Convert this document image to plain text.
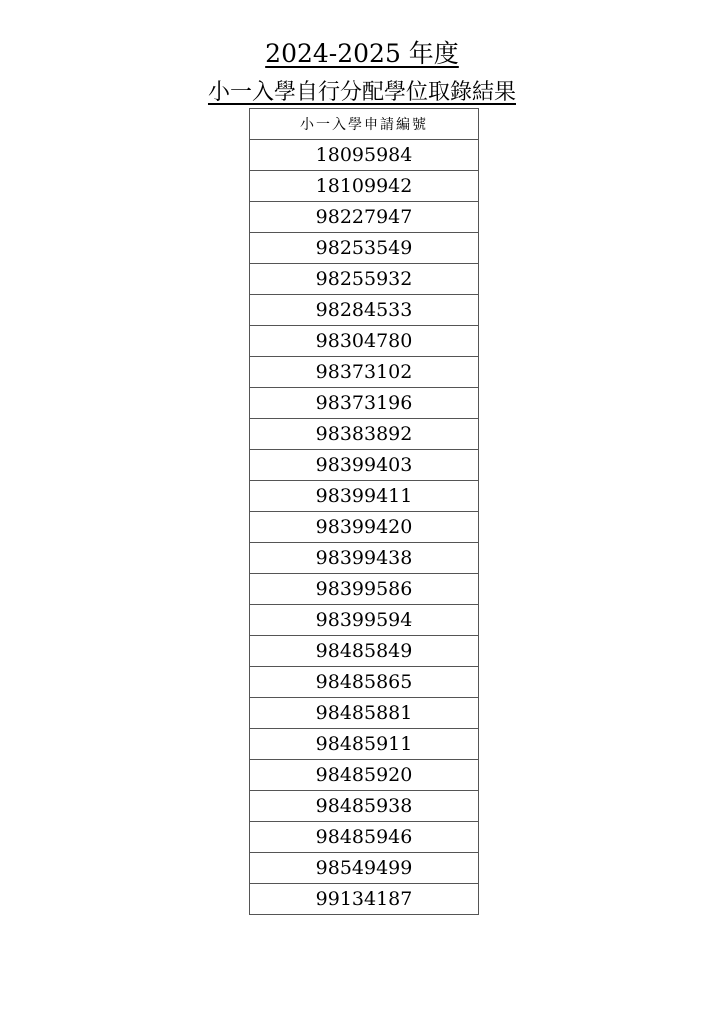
2024-2025 年度
小一入學自行分配學位取錄結果
小一入學申請編號
18095984
18109942
98227947
98253549
98255932
98284533
98304780
98373102
98373196
98383892
98399403
98399411
98399420
98399438
98399586
98399594
98485849
98485865
98485881
98485911
98485920
98485938
98485946
98549499
99134187
